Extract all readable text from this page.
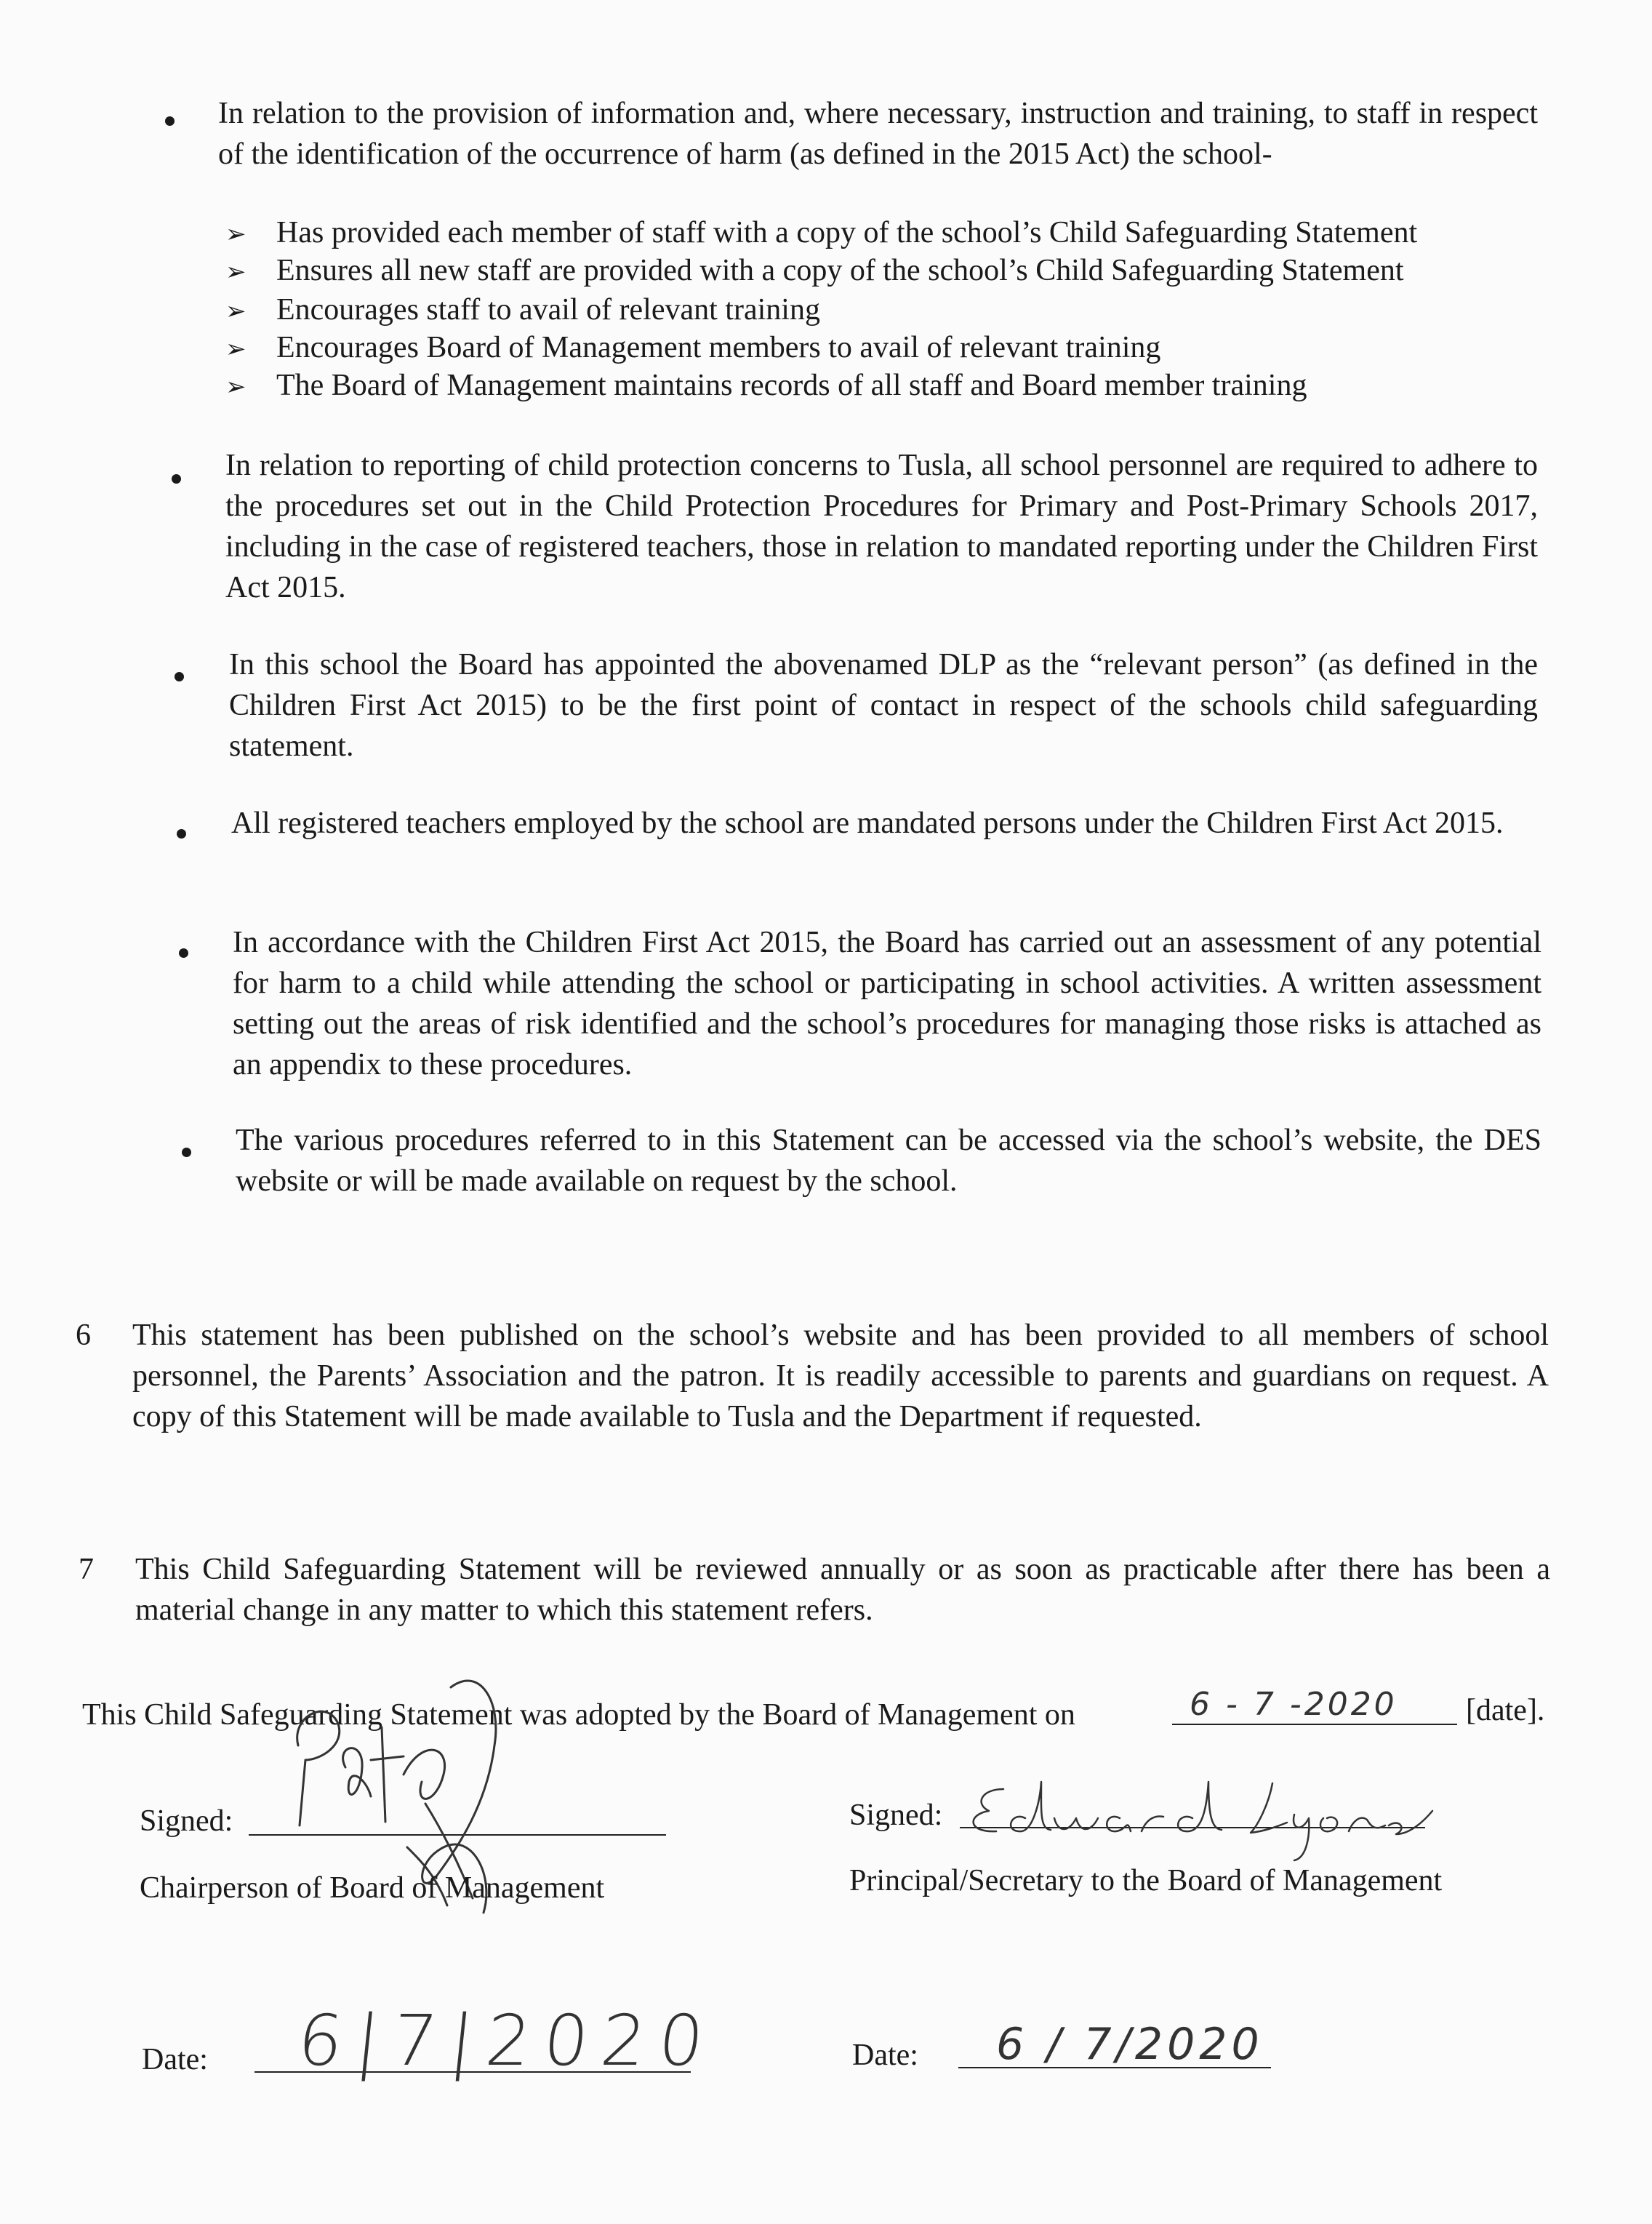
In relation to the provision of information and, where necessary, instruction and training, to staff in respect of the identification of the occurrence of harm (as defined in the 2015 Act) the school-
➢ Has provided each member of staff with a copy of the school’s Child Safeguarding Statement
➢ Ensures all new staff are provided with a copy of the school’s Child Safeguarding Statement
➢ Encourages staff to avail of relevant training
➢ Encourages Board of Management members to avail of relevant training
➢ The Board of Management maintains records of all staff and Board member training
In relation to reporting of child protection concerns to Tusla, all school personnel are required to adhere to the procedures set out in the Child Protection Procedures for Primary and Post-Primary Schools 2017, including in the case of registered teachers, those in relation to mandated reporting under the Children First Act 2015.
In this school the Board has appointed the abovenamed DLP as the “relevant person” (as defined in the Children First Act 2015) to be the first point of contact in respect of the schools child safeguarding statement.
All registered teachers employed by the school are mandated persons under the Children First Act 2015.
In accordance with the Children First Act 2015, the Board has carried out an assessment of any potential for harm to a child while attending the school or participating in school activities. A written assessment setting out the areas of risk identified and the school’s procedures for managing those risks is attached as an appendix to these procedures.
The various procedures referred to in this Statement can be accessed via the school’s website, the DES website or will be made available on request by the school.
6 This statement has been published on the school’s website and has been provided to all members of school personnel, the Parents’ Association and the patron. It is readily accessible to parents and guardians on request. A copy of this Statement will be made available to Tusla and the Department if requested.
7 This Child Safeguarding Statement will be reviewed annually or as soon as practicable after there has been a material change in any matter to which this statement refers.
This Child Safeguarding Statement was adopted by the Board of Management on	6 - 7 -2020 [date].
Signed:
Chairperson of Board of Management
Date: 6|7|2020
Signed:
Principal/Secretary to the Board of Management
Date: 6 / 7/2020
